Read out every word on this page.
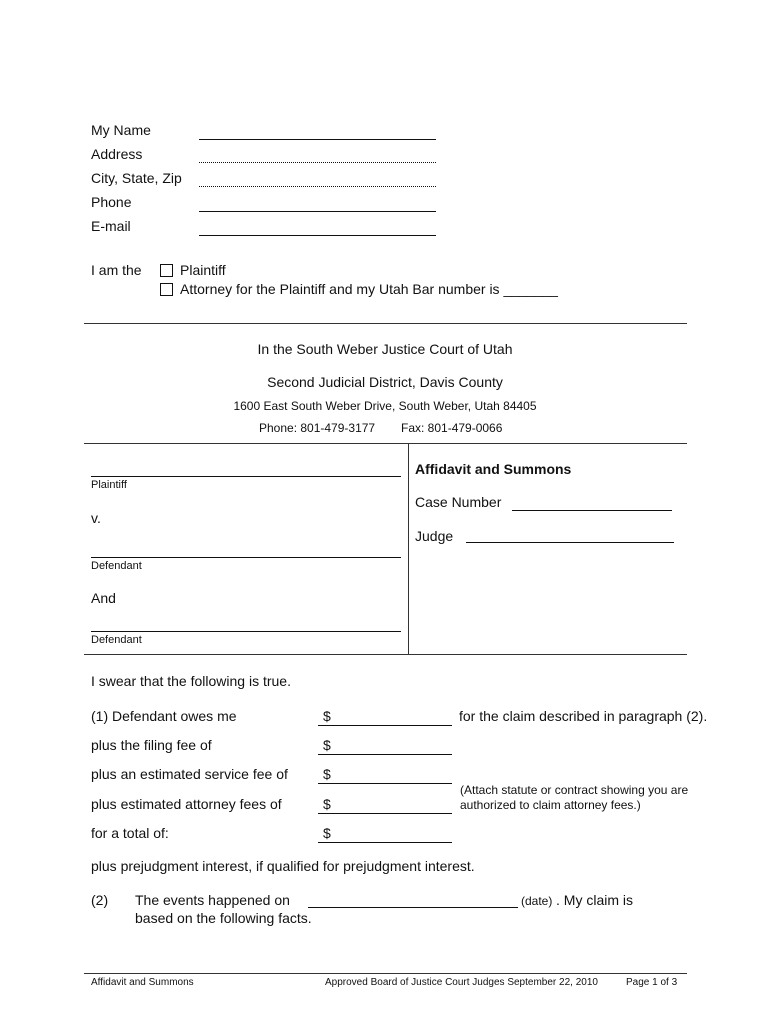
My Name
Address
City, State, Zip
Phone
E-mail
I am the	Plaintiff
Attorney for the Plaintiff and my Utah Bar number is _______
In the South Weber Justice Court of Utah
Second Judicial District, Davis County
1600 East South Weber Drive, South Weber, Utah 84405
Phone: 801-479-3177 Fax: 801-479-0066
Plaintiff
v.
Defendant
And
Defendant
Affidavit and Summons
Case Number
Judge
I swear that the following is true.
(1) Defendant owes me	$	for the claim described in paragraph (2).
plus the filing fee of	$
plus an estimated service fee of	$
(Attach statute or contract showing you are
authorized to claim attorney fees.)
plus estimated attorney fees of	$
for a total of:	$
plus prejudgment interest, if qualified for prejudgment interest.
(2) The events happened on	(date) . My claim is
based on the following facts.
Affidavit and Summons	Approved Board of Justice Court Judges September 22, 2010	Page 1 of 3
